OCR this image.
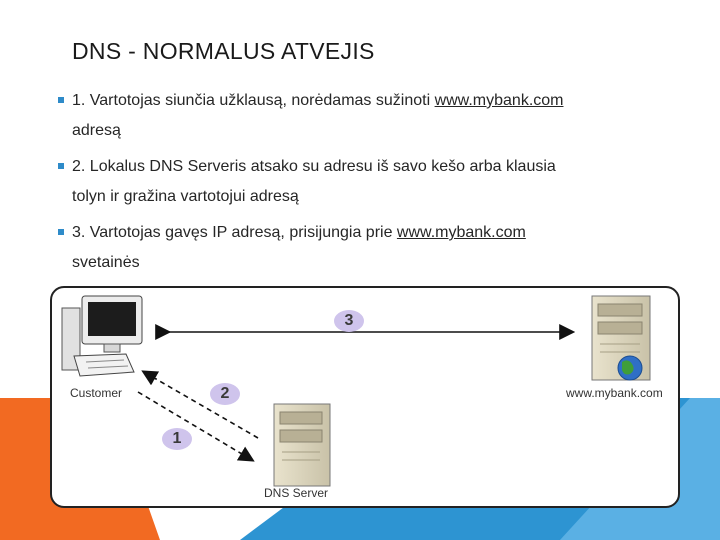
DNS - NORMALUS ATVEJIS
1. Vartotojas siunčia užklausą, norėdamas sužinoti www.mybank.com
adresą
2. Lokalus DNS Serveris atsako su adresu iš savo kešo arba klausia
tolyn ir gražina vartotojui adresą
3. Vartotojas gavęs IP adresą, prisijungia prie www.mybank.com
svetainės
Customer	www.mybank.com
DNS Server
3
2
1
